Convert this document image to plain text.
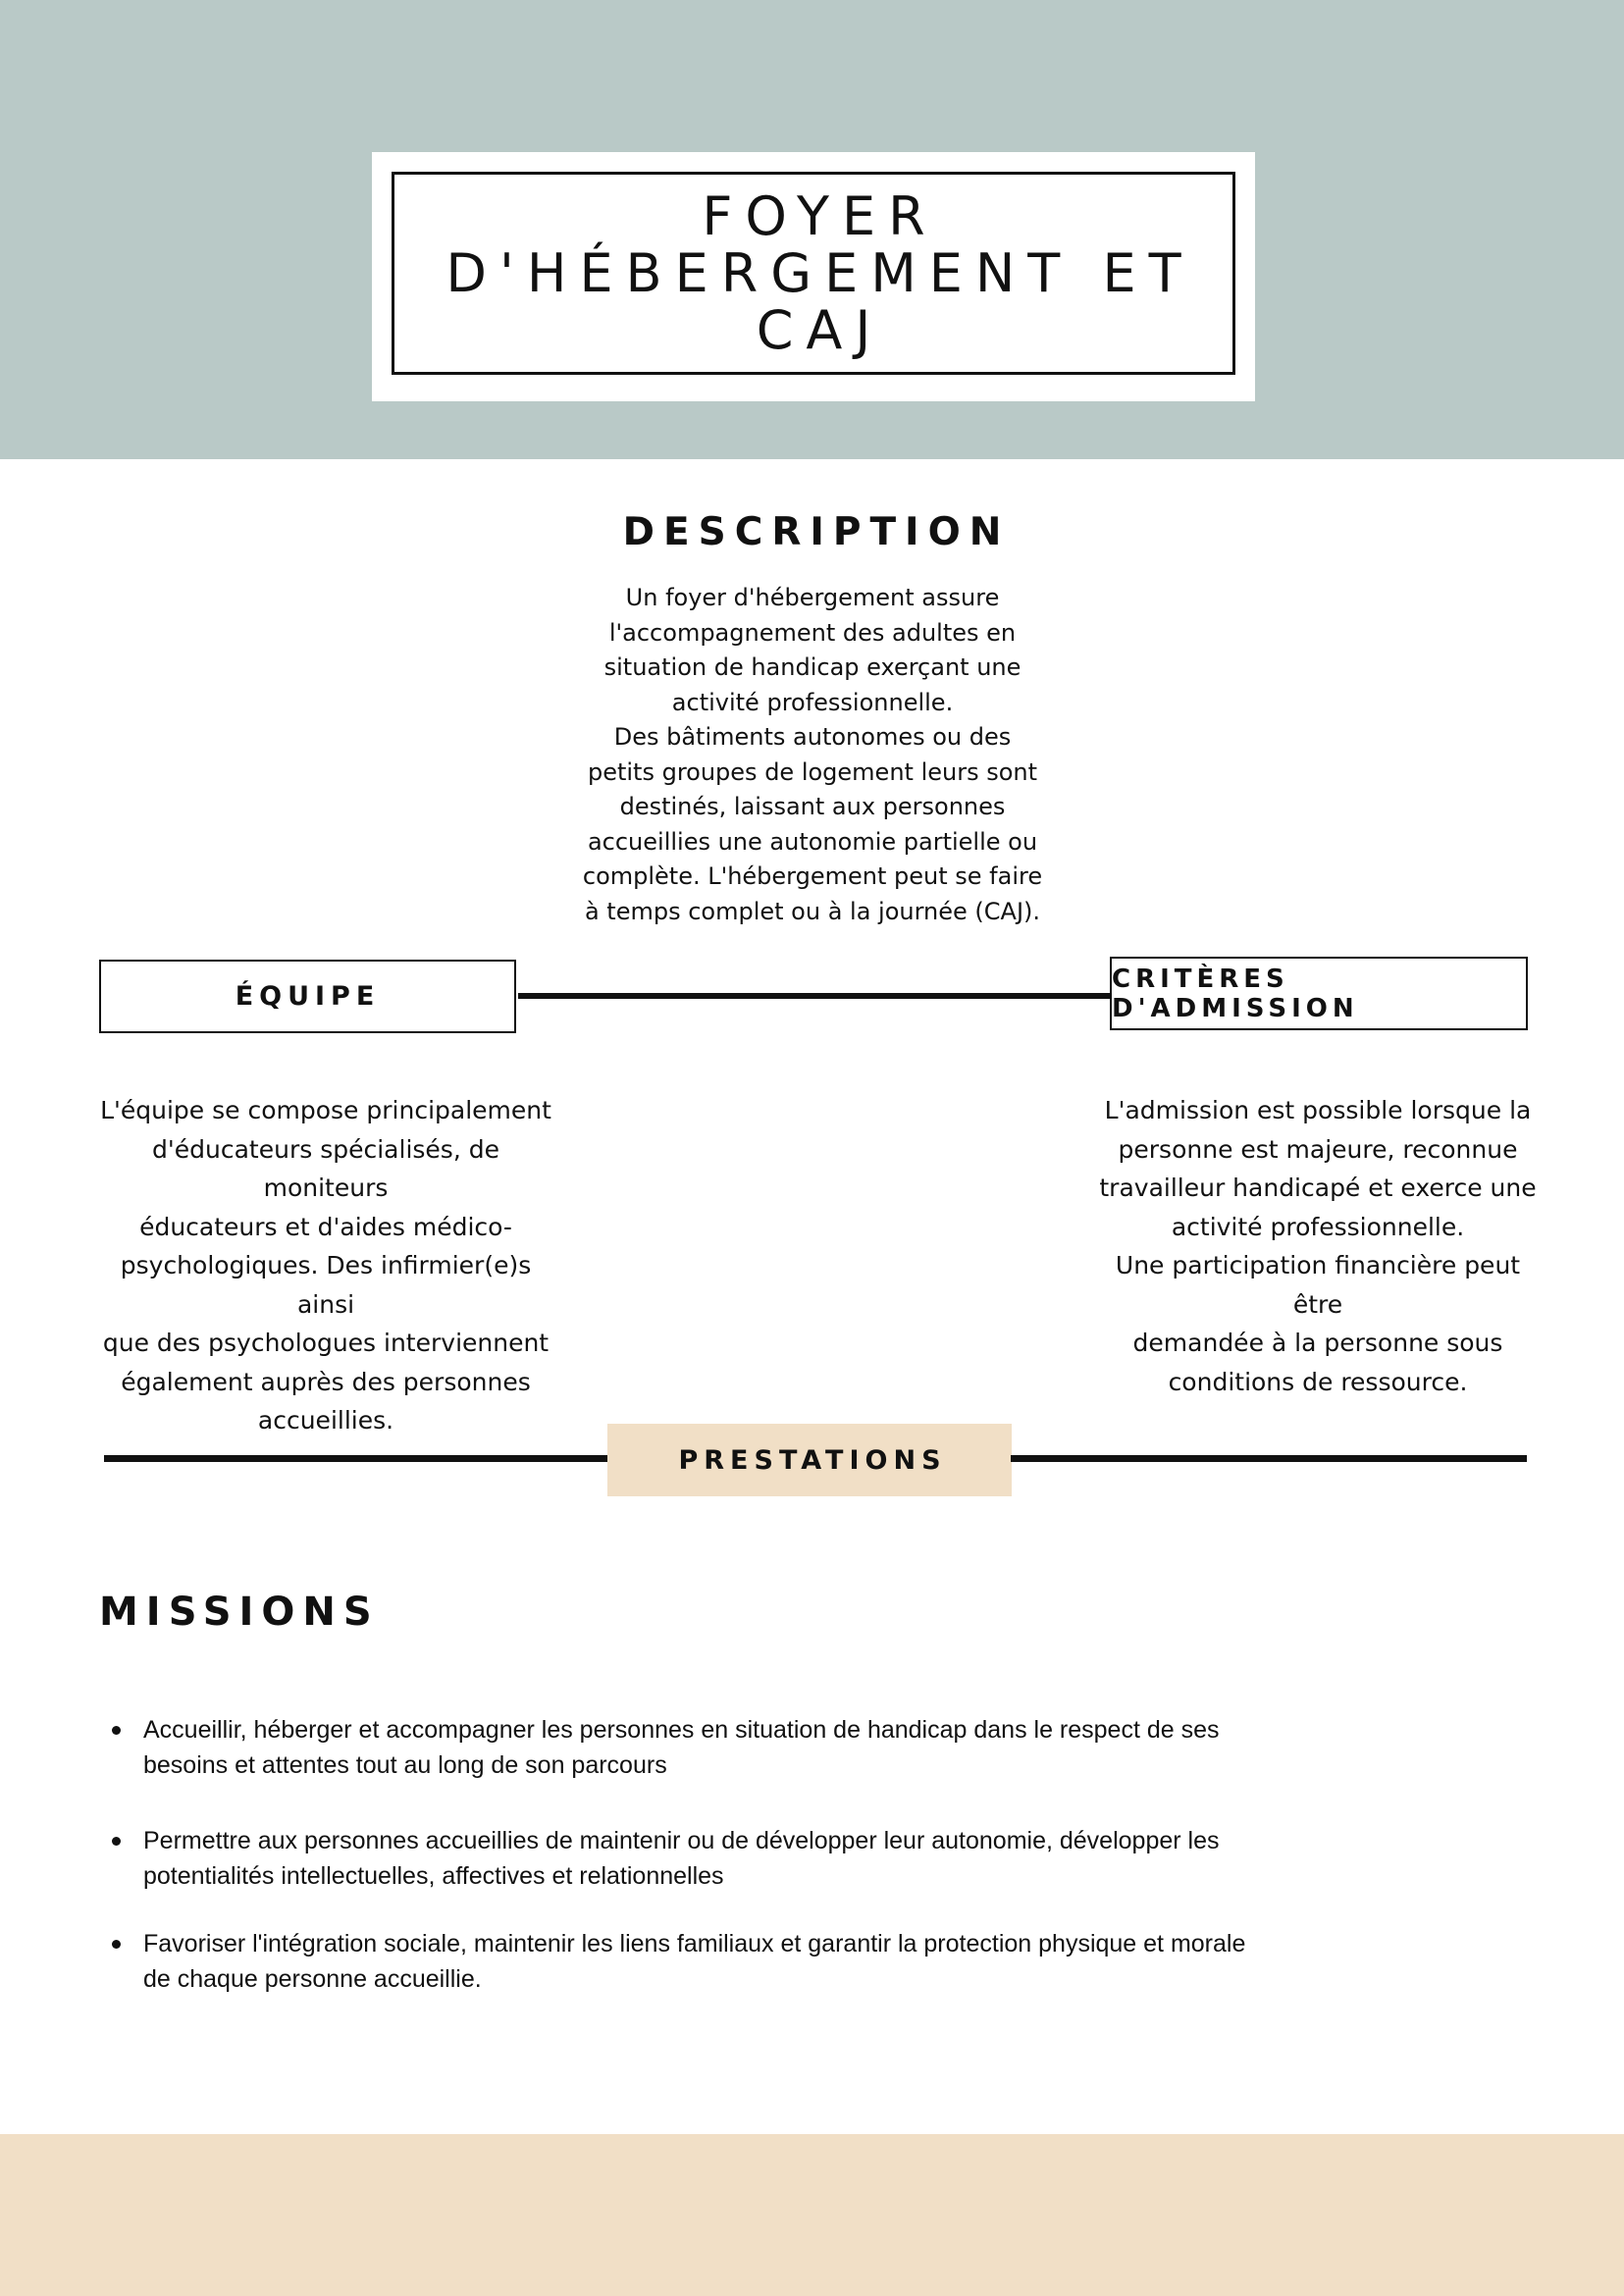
FOYER
D'HÉBERGEMENT ET
CAJ
DESCRIPTION

Un foyer d'hébergement assure
l'accompagnement des adultes en
situation de handicap exerçant une
activité professionnelle.
Des bâtiments autonomes ou des
petits groupes de logement leurs sont
destinés, laissant aux personnes
accueillies une autonomie partielle ou
complète. L'hébergement peut se faire
à temps complet ou à la journée (CAJ).

ÉQUIPE
CRITÈRES D'ADMISSION

L'équipe se compose principalement
d'éducateurs spécialisés, de moniteurs
éducateurs et d'aides médico-
psychologiques. Des infirmier(e)s ainsi
que des psychologues interviennent
également auprès des personnes
accueillies.

L'admission est possible lorsque la
personne est majeure, reconnue
travailleur handicapé et exerce une
activité professionnelle.
Une participation financière peut être
demandée à la personne sous
conditions de ressource.

PRESTATIONS
MISSIONS
Accueillir, héberger et accompagner les personnes en situation de handicap dans le respect de ses
besoins et attentes tout au long de son parcours
Permettre aux personnes accueillies de maintenir ou de développer leur autonomie, développer les
potentialités intellectuelles, affectives et relationnelles
Favoriser l'intégration sociale, maintenir les liens familiaux et garantir la protection physique et morale
de chaque personne accueillie.
